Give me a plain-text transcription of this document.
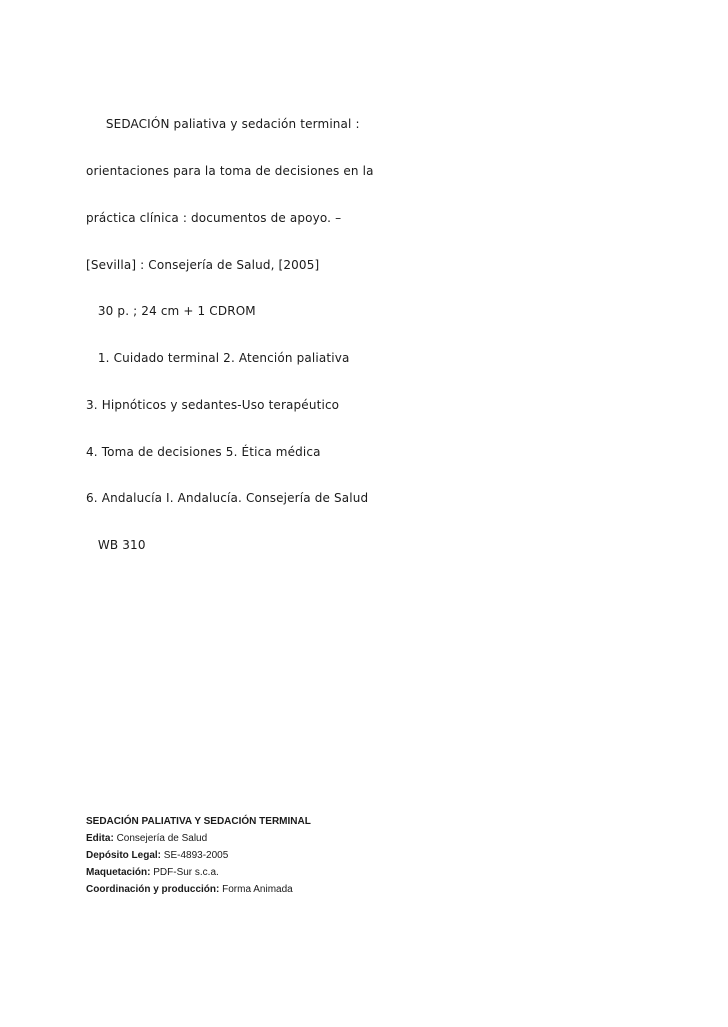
SEDACIÓN paliativa y sedación terminal :

orientaciones para la toma de decisiones en la

práctica clínica : documentos de apoyo. –

[Sevilla] : Consejería de Salud, [2005]

30 p. ; 24 cm + 1 CDROM

1. Cuidado terminal 2. Atención paliativa

3. Hipnóticos y sedantes-Uso terapéutico

4. Toma de decisiones 5. Ética médica

6. Andalucía I. Andalucía. Consejería de Salud

WB 310

SEDACIÓN PALIATIVA Y SEDACIÓN TERMINAL
Edita: Consejería de Salud
Depósito Legal: SE-4893-2005
Maquetación: PDF-Sur s.c.a.
Coordinación y producción: Forma Animada
